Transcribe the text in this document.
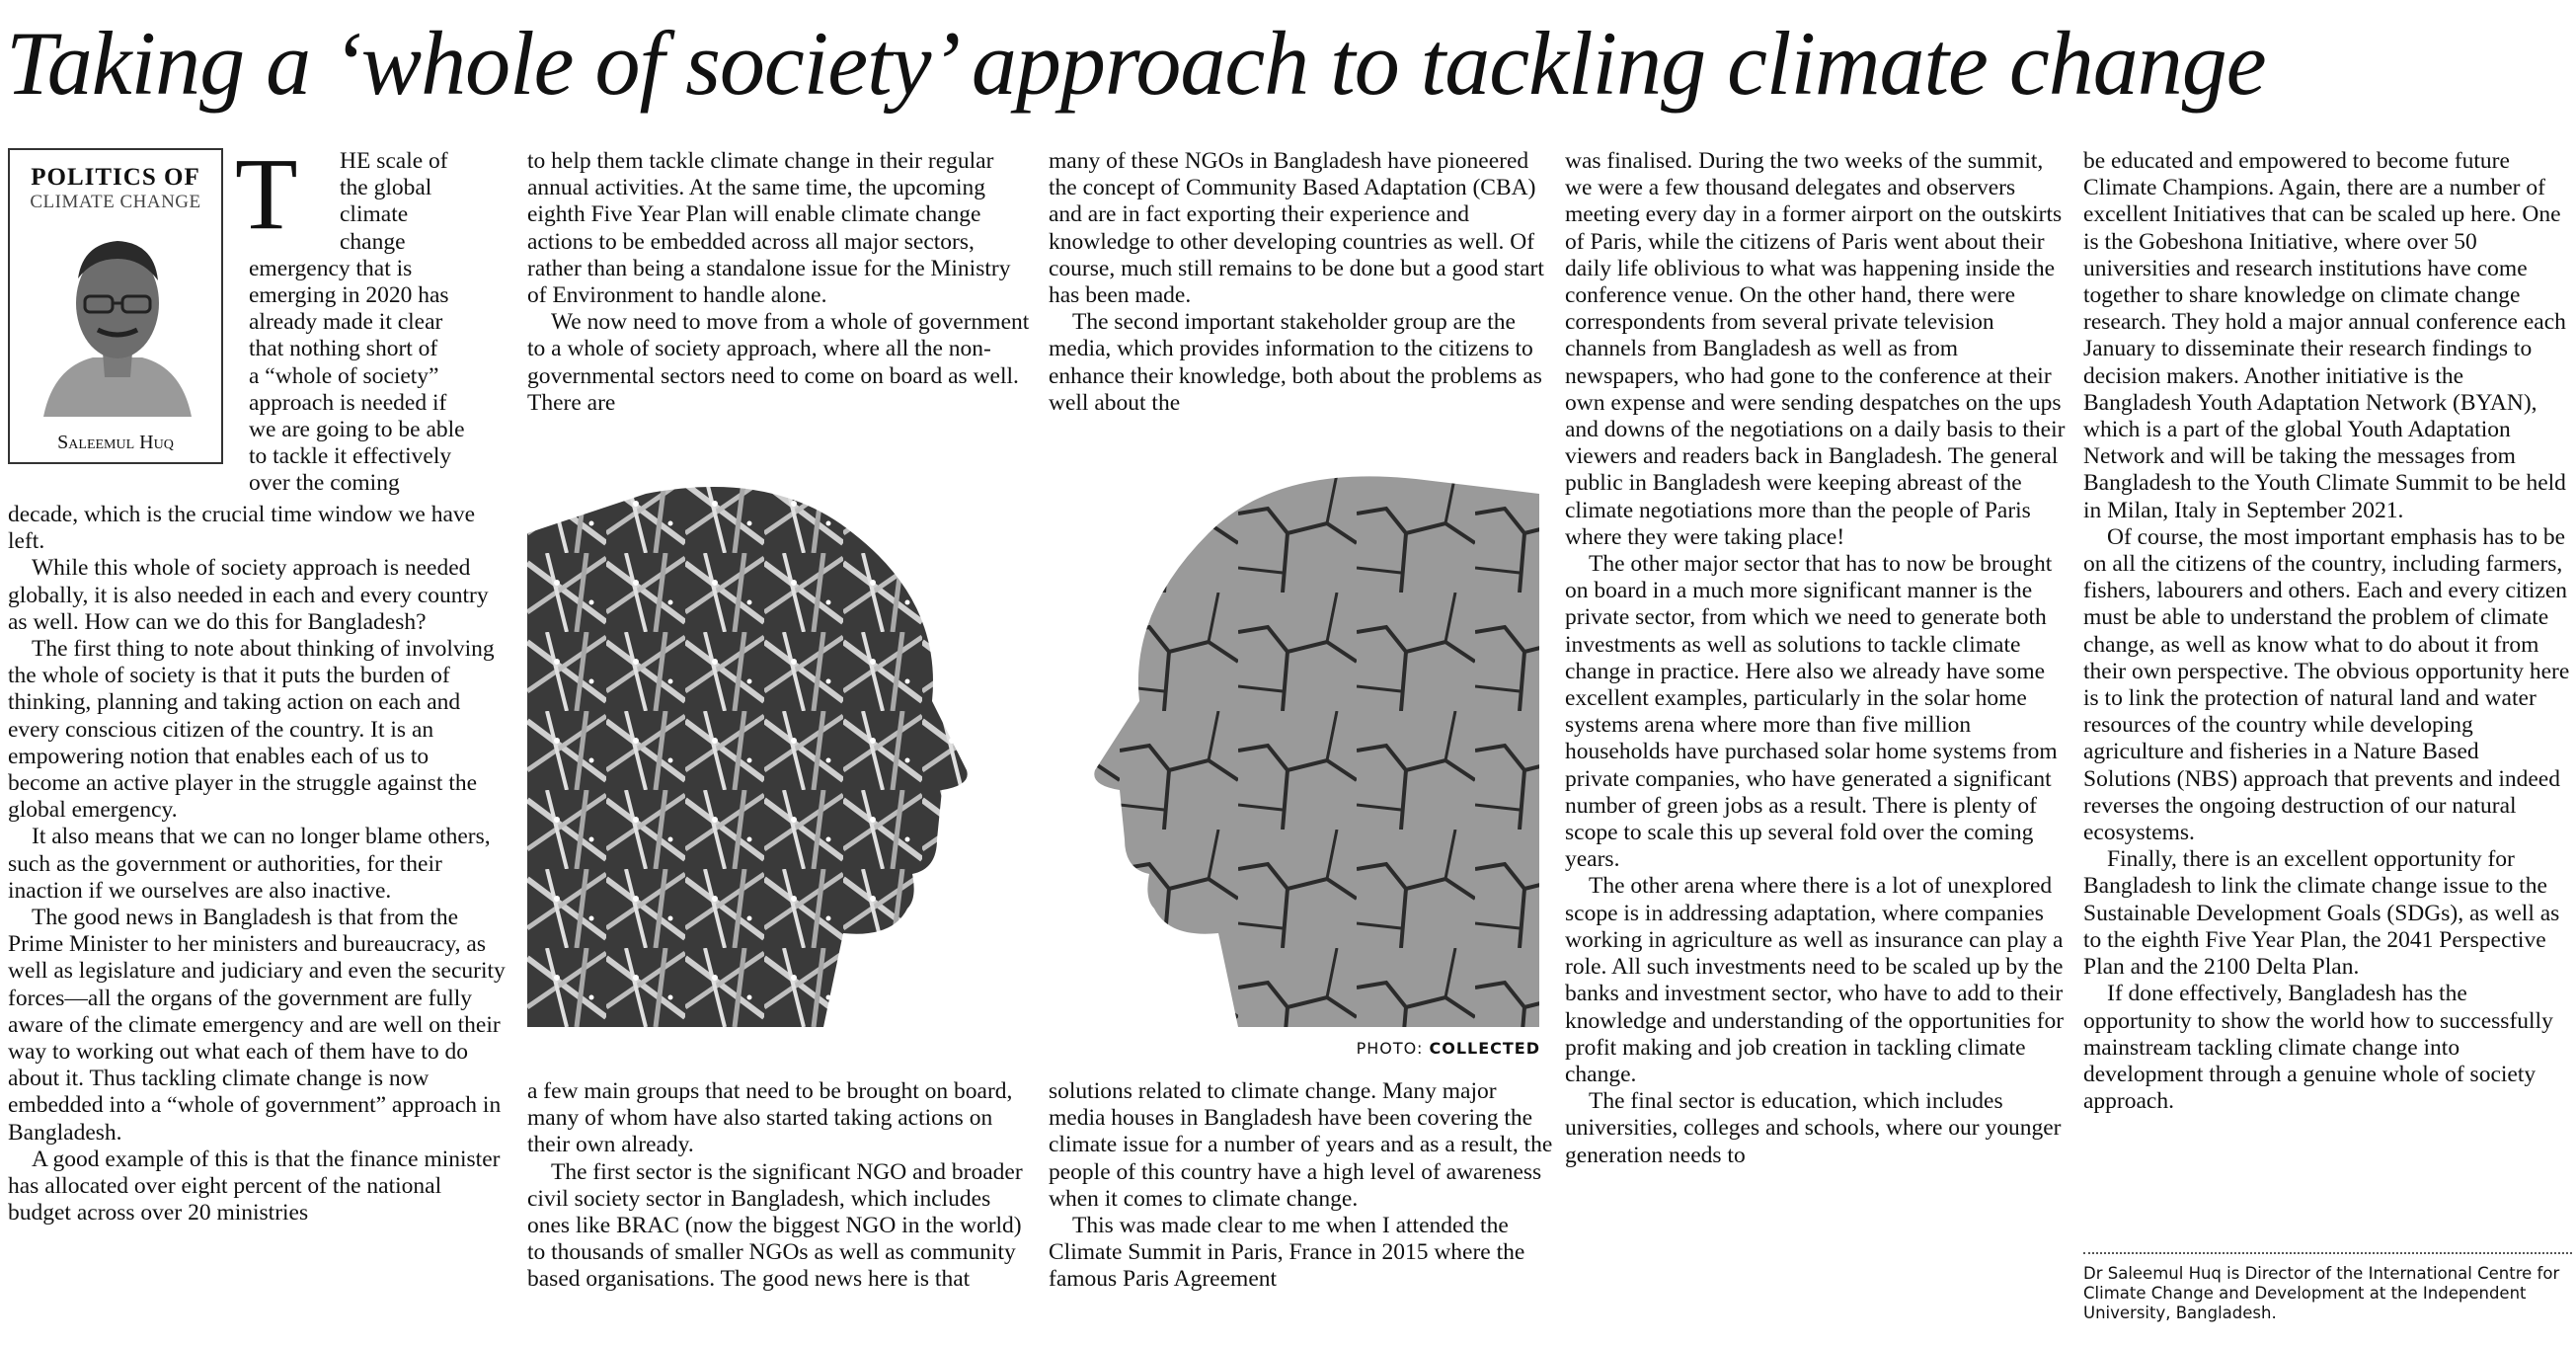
Taking a ‘whole of society’ approach to tackling climate change
POLITICS OF
CLIMATE CHANGE
Saleemul Huq
T	HE scale of
the global
climate
change
emergency that is
emerging in 2020 has
already made it clear
that nothing short of
a “whole of society”
approach is needed if
we are going to be able
to tackle it effectively
over the coming

decade, which is the crucial time window we have left.

While this whole of society approach is needed globally, it is also needed in each and every country as well. How can we do this for Bangladesh?

The first thing to note about thinking of involving the whole of society is that it puts the burden of thinking, planning and taking action on each and every conscious citizen of the country. It is an empowering notion that enables each of us to become an active player in the struggle against the global emergency.

It also means that we can no longer blame others, such as the government or authorities, for their inaction if we ourselves are also inactive.

The good news in Bangladesh is that from the Prime Minister to her ministers and bureaucracy, as well as legislature and judiciary and even the security forces—all the organs of the government are fully aware of the climate emergency and are well on their way to working out what each of them have to do about it. Thus tackling climate change is now embedded into a “whole of government” approach in Bangladesh.

A good example of this is that the finance minister has allocated over eight percent of the national budget across over 20 ministries

to help them tackle climate change in their regular annual activities. At the same time, the upcoming eighth Five Year Plan will enable climate change actions to be embedded across all major sectors, rather than being a standalone issue for the Ministry of Environment to handle alone.

We now need to move from a whole of government to a whole of society approach, where all the non-governmental sectors need to come on board as well. There are

many of these NGOs in Bangladesh have pioneered the concept of Community Based Adaptation (CBA) and are in fact exporting their experience and knowledge to other developing countries as well. Of course, much still remains to be done but a good start has been made.

The second important stakeholder group are the media, which provides information to the citizens to enhance their knowledge, both about the problems as well about the

PHOTO: COLLECTED

a few main groups that need to be brought on board, many of whom have also started taking actions on their own already.

The first sector is the significant NGO and broader civil society sector in Bangladesh, which includes ones like BRAC (now the biggest NGO in the world) to thousands of smaller NGOs as well as community based organisations. The good news here is that

solutions related to climate change. Many major media houses in Bangladesh have been covering the climate issue for a number of years and as a result, the people of this country have a high level of awareness when it comes to climate change.

This was made clear to me when I attended the Climate Summit in Paris, France in 2015 where the famous Paris Agreement

was finalised. During the two weeks of the summit, we were a few thousand delegates and observers meeting every day in a former airport on the outskirts of Paris, while the citizens of Paris went about their daily life oblivious to what was happening inside the conference venue. On the other hand, there were correspondents from several private television channels from Bangladesh as well as from newspapers, who had gone to the conference at their own expense and were sending despatches on the ups and downs of the negotiations on a daily basis to their viewers and readers back in Bangladesh. The general public in Bangladesh were keeping abreast of the climate negotiations more than the people of Paris where they were taking place!

The other major sector that has to now be brought on board in a much more significant manner is the private sector, from which we need to generate both investments as well as solutions to tackle climate change in practice. Here also we already have some excellent examples, particularly in the solar home systems arena where more than five million households have purchased solar home systems from private companies, who have generated a significant number of green jobs as a result. There is plenty of scope to scale this up several fold over the coming years.

The other arena where there is a lot of unexplored scope is in addressing adaptation, where companies working in agriculture as well as insurance can play a role. All such investments need to be scaled up by the banks and investment sector, who have to add to their knowledge and understanding of the opportunities for profit making and job creation in tackling climate change.

The final sector is education, which includes universities, colleges and schools, where our younger generation needs to

be educated and empowered to become future Climate Champions. Again, there are a number of excellent Initiatives that can be scaled up here. One is the Gobeshona Initiative, where over 50 universities and research institutions have come together to share knowledge on climate change research. They hold a major annual conference each January to disseminate their research findings to decision makers. Another initiative is the Bangladesh Youth Adaptation Network (BYAN), which is a part of the global Youth Adaptation Network and will be taking the messages from Bangladesh to the Youth Climate Summit to be held in Milan, Italy in September 2021.

Of course, the most important emphasis has to be on all the citizens of the country, including farmers, fishers, labourers and others. Each and every citizen must be able to understand the problem of climate change, as well as know what to do about it from their own perspective. The obvious opportunity here is to link the protection of natural land and water resources of the country while developing agriculture and fisheries in a Nature Based Solutions (NBS) approach that prevents and indeed reverses the ongoing destruction of our natural ecosystems.

Finally, there is an excellent opportunity for Bangladesh to link the climate change issue to the Sustainable Development Goals (SDGs), as well as to the eighth Five Year Plan, the 2041 Perspective Plan and the 2100 Delta Plan.

If done effectively, Bangladesh has the opportunity to show the world how to successfully mainstream tackling climate change into development through a genuine whole of society approach.

Dr Saleemul Huq is Director of the International Centre for Climate Change and Development at the Independent University, Bangladesh.
